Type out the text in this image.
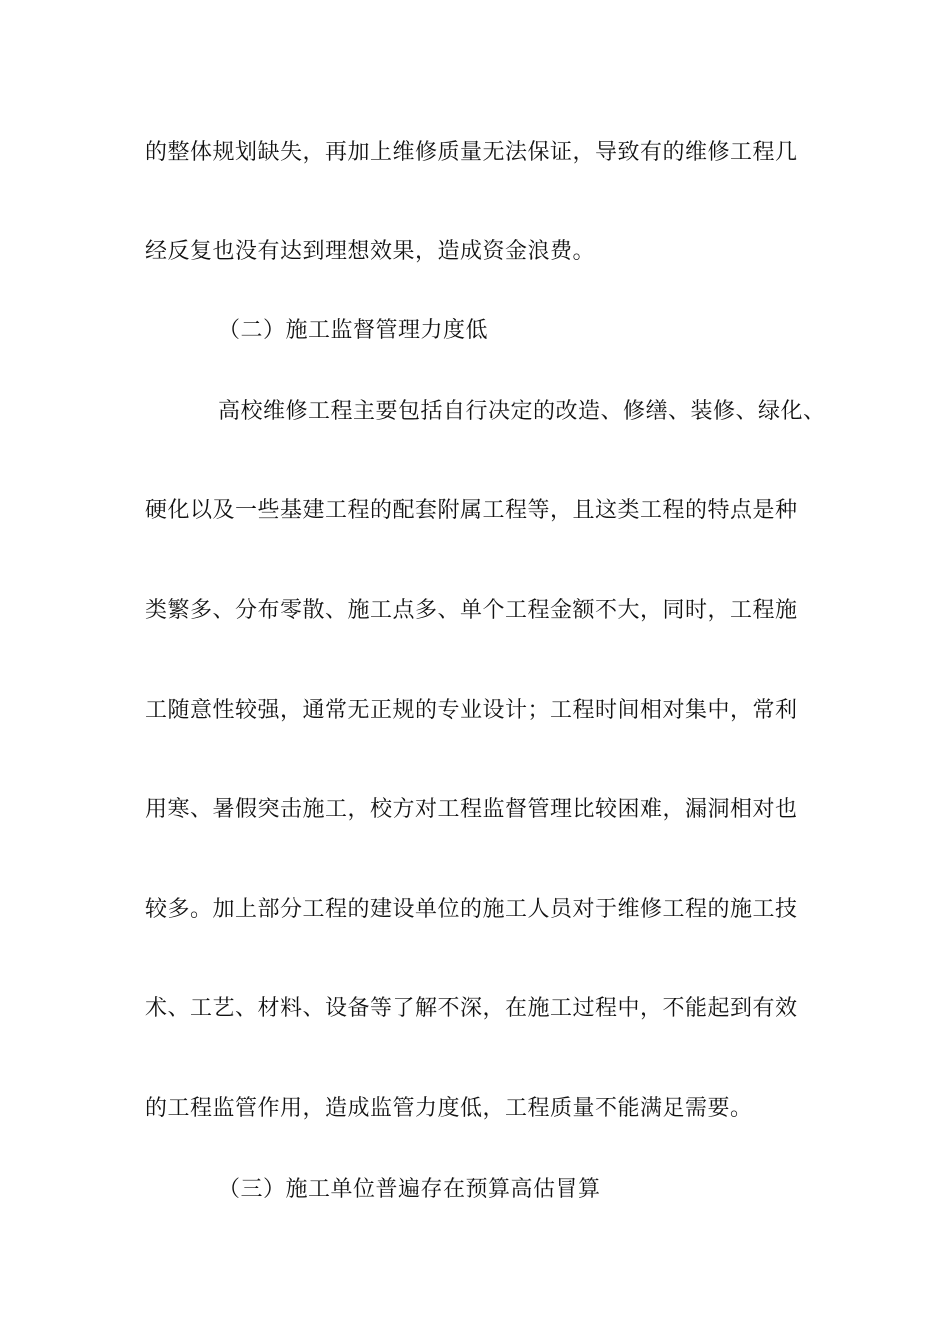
的整体规划缺失，再加上维修质量无法保证，导致有的维修工程几
经反复也没有达到理想效果，造成资金浪费。
（二）施工监督管理力度低
高校维修工程主要包括自行决定的改造、修缮、装修、绿化、
硬化以及一些基建工程的配套附属工程等，且这类工程的特点是种
类繁多、分布零散、施工点多、单个工程金额不大，同时，工程施
工随意性较强，通常无正规的专业设计；工程时间相对集中，常利
用寒、暑假突击施工，校方对工程监督管理比较困难，漏洞相对也
较多。加上部分工程的建设单位的施工人员对于维修工程的施工技
术、工艺、材料、设备等了解不深，在施工过程中，不能起到有效
的工程监管作用，造成监管力度低，工程质量不能满足需要。
（三）施工单位普遍存在预算高估冒算
